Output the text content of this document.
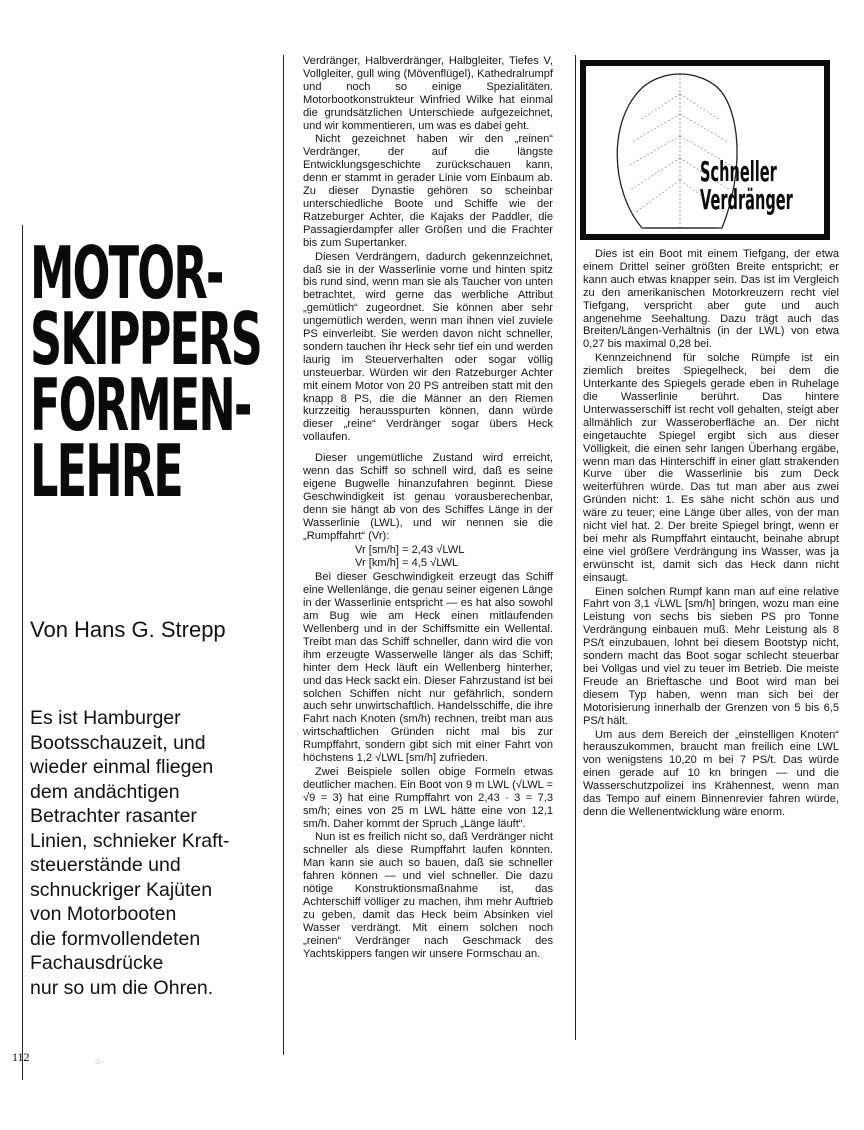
MOTOR-
SKIPPERS
FORMEN-
LEHRE
Von Hans G. Strepp
Es ist Hamburger
Bootsschauzeit, und
wieder einmal fliegen
dem andächtigen
Betrachter rasanter
Linien, schnieker Kraft-
steuerstände und
schnuckriger Kajüten
von Motorbooten
die formvollendeten
Fachausdrücke
nur so um die Ohren.
112	⁘

Verdränger, Halbverdränger, Halbgleiter, Tiefes V, Vollgleiter, gull wing (Mövenflügel), Kathedralrumpf und noch so einige Spezialitäten. Motorbootkonstrukteur Winfried Wilke hat einmal die grundsätzlichen Unterschiede aufgezeichnet, und wir kommentieren, um was es dabei geht.

Nicht gezeichnet haben wir den „reinen“ Verdränger, der auf die längste Entwicklungsgeschichte zurückschauen kann, denn er stammt in gerader Linie vom Einbaum ab. Zu dieser Dynastie gehören so scheinbar unterschiedliche Boote und Schiffe wie der Ratzeburger Achter, die Kajaks der Paddler, die Passagierdampfer aller Größen und die Frachter bis zum Supertanker.

Diesen Verdrängern, dadurch gekennzeichnet, daß sie in der Wasserlinie vorne und hinten spitz bis rund sind, wenn man sie als Taucher von unten betrachtet, wird gerne das werbliche Attribut „gemütlich“ zugeordnet. Sie können aber sehr ungemütlich werden, wenn man ihnen viel zuviele PS einverleibt. Sie werden davon nicht schneller, sondern tauchen ihr Heck sehr tief ein und werden laurig im Steuerverhalten oder sogar völlig unsteuerbar. Würden wir den Ratzeburger Achter mit einem Motor von 20 PS antreiben statt mit den knapp 8 PS, die die Männer an den Riemen kurzzeitig herausspurten können, dann würde dieser „reine“ Verdränger sogar übers Heck vollaufen.

Dieser ungemütliche Zustand wird erreicht, wenn das Schiff so schnell wird, daß es seine eigene Bugwelle hinanzufahren beginnt. Diese Geschwindigkeit ist genau vorausberechenbar, denn sie hängt ab von des Schiffes Länge in der Wasserlinie (LWL), und wir nennen sie die „Rumpffahrt“ (Vr):

Vr [sm/h] = 2,43 √LWL

Vr [km/h] = 4,5 √LWL

Bei dieser Geschwindigkeit erzeugt das Schiff eine Wellenlänge, die genau seiner eigenen Länge in der Wasserlinie entspricht — es hat also sowohl am Bug wie am Heck einen mitlaufenden Wellenberg und in der Schiffsmitte ein Wellental. Treibt man das Schiff schneller, dann wird die von ihm erzeugte Wasserwelle länger als das Schiff; hinter dem Heck läuft ein Wellenberg hinterher, und das Heck sackt ein. Dieser Fahrzustand ist bei solchen Schiffen nicht nur gefährlich, sondern auch sehr unwirtschaftlich. Handelsschiffe, die ihre Fahrt nach Knoten (sm/h) rechnen, treibt man aus wirtschaftlichen Gründen nicht mal bis zur Rumpffahrt, sondern gibt sich mit einer Fahrt von höchstens 1,2 √LWL [sm/h] zufrieden.

Zwei Beispiele sollen obige Formeln etwas deutlicher machen. Ein Boot von 9 m LWL (√LWL = √9 = 3) hat eine Rumpffahrt von 2,43 · 3 = 7,3 sm/h; eines von 25 m LWL hätte eine von 12,1 sm/h. Daher kommt der Spruch „Länge läuft“.

Nun ist es freilich nicht so, daß Verdränger nicht schneller als diese Rumpffahrt laufen könnten. Man kann sie auch so bauen, daß sie schneller fahren können — und viel schneller. Die dazu nötige Konstruktionsmaßnahme ist, das Achterschiff völliger zu machen, ihm mehr Auftrieb zu geben, damit das Heck beim Absinken viel Wasser verdrängt. Mit einem solchen noch „reinen“ Verdränger nach Geschmack des Yachtskippers fangen wir unsere Formschau an.

Schneller
Verdränger

Dies ist ein Boot mit einem Tiefgang, der etwa einem Drittel seiner größten Breite entspricht; er kann auch etwas knapper sein. Das ist im Vergleich zu den amerikanischen Motorkreuzern recht viel Tiefgang, verspricht aber gute und auch angenehme Seehaltung. Dazu trägt auch das Breiten/Längen-Verhältnis (in der LWL) von etwa 0,27 bis maximal 0,28 bei.

Kennzeichnend für solche Rümpfe ist ein ziemlich breites Spiegelheck, bei dem die Unterkante des Spiegels gerade eben in Ruhelage die Wasserlinie berührt. Das hintere Unterwasserschiff ist recht voll gehalten, steigt aber allmählich zur Wasseroberfläche an. Der nicht eingetauchte Spiegel ergibt sich aus dieser Völligkeit, die einen sehr langen Überhang ergäbe, wenn man das Hinterschiff in einer glatt strakenden Kurve über die Wasserlinie bis zum Deck weiterführen würde. Das tut man aber aus zwei Gründen nicht: 1. Es sähe nicht schön aus und wäre zu teuer; eine Länge über alles, von der man nicht viel hat. 2. Der breite Spiegel bringt, wenn er bei mehr als Rumpffahrt eintaucht, beinahe abrupt eine viel größere Verdrängung ins Wasser, was ja erwünscht ist, damit sich das Heck dann nicht einsaugt.

Einen solchen Rumpf kann man auf eine relative Fahrt von 3,1 √LWL [sm/h] bringen, wozu man eine Leistung von sechs bis sieben PS pro Tonne Verdrängung einbauen muß. Mehr Leistung als 8 PS/t einzubauen, lohnt bei diesem Bootstyp nicht, sondern macht das Boot sogar schlecht steuerbar bei Vollgas und viel zu teuer im Betrieb. Die meiste Freude an Brieftasche und Boot wird man bei diesem Typ haben, wenn man sich bei der Motorisierung innerhalb der Grenzen von 5 bis 6,5 PS/t hält.

Um aus dem Bereich der „einstelligen Knoten“ herauszukommen, braucht man freilich eine LWL von wenigstens 10,20 m bei 7 PS/t. Das würde einen gerade auf 10 kn bringen — und die Wasserschutzpolizei ins Krähennest, wenn man das Tempo auf einem Binnenrevier fahren würde, denn die Wellenentwicklung wäre enorm.
